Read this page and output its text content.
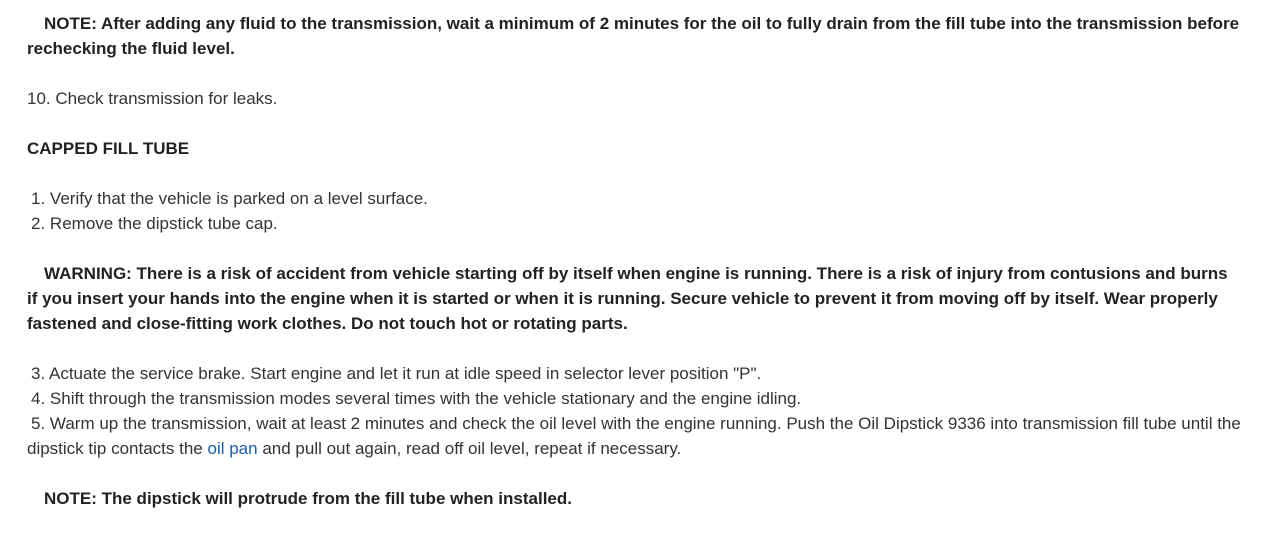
NOTE: After adding any fluid to the transmission, wait a minimum of 2 minutes for the oil to fully drain from the fill tube into the transmission before rechecking the fluid level.

10. Check transmission for leaks.

CAPPED FILL TUBE

1. Verify that the vehicle is parked on a level surface.
2. Remove the dipstick tube cap.

WARNING: There is a risk of accident from vehicle starting off by itself when engine is running. There is a risk of injury from contusions and burns if you insert your hands into the engine when it is started or when it is running. Secure vehicle to prevent it from moving off by itself. Wear properly fastened and close-fitting work clothes. Do not touch hot or rotating parts.

3. Actuate the service brake. Start engine and let it run at idle speed in selector lever position "P".
4. Shift through the transmission modes several times with the vehicle stationary and the engine idling.
5. Warm up the transmission, wait at least 2 minutes and check the oil level with the engine running. Push the Oil Dipstick 9336 into transmission fill tube until the dipstick tip contacts the oil pan and pull out again, read off oil level, repeat if necessary.

NOTE: The dipstick will protrude from the fill tube when installed.
